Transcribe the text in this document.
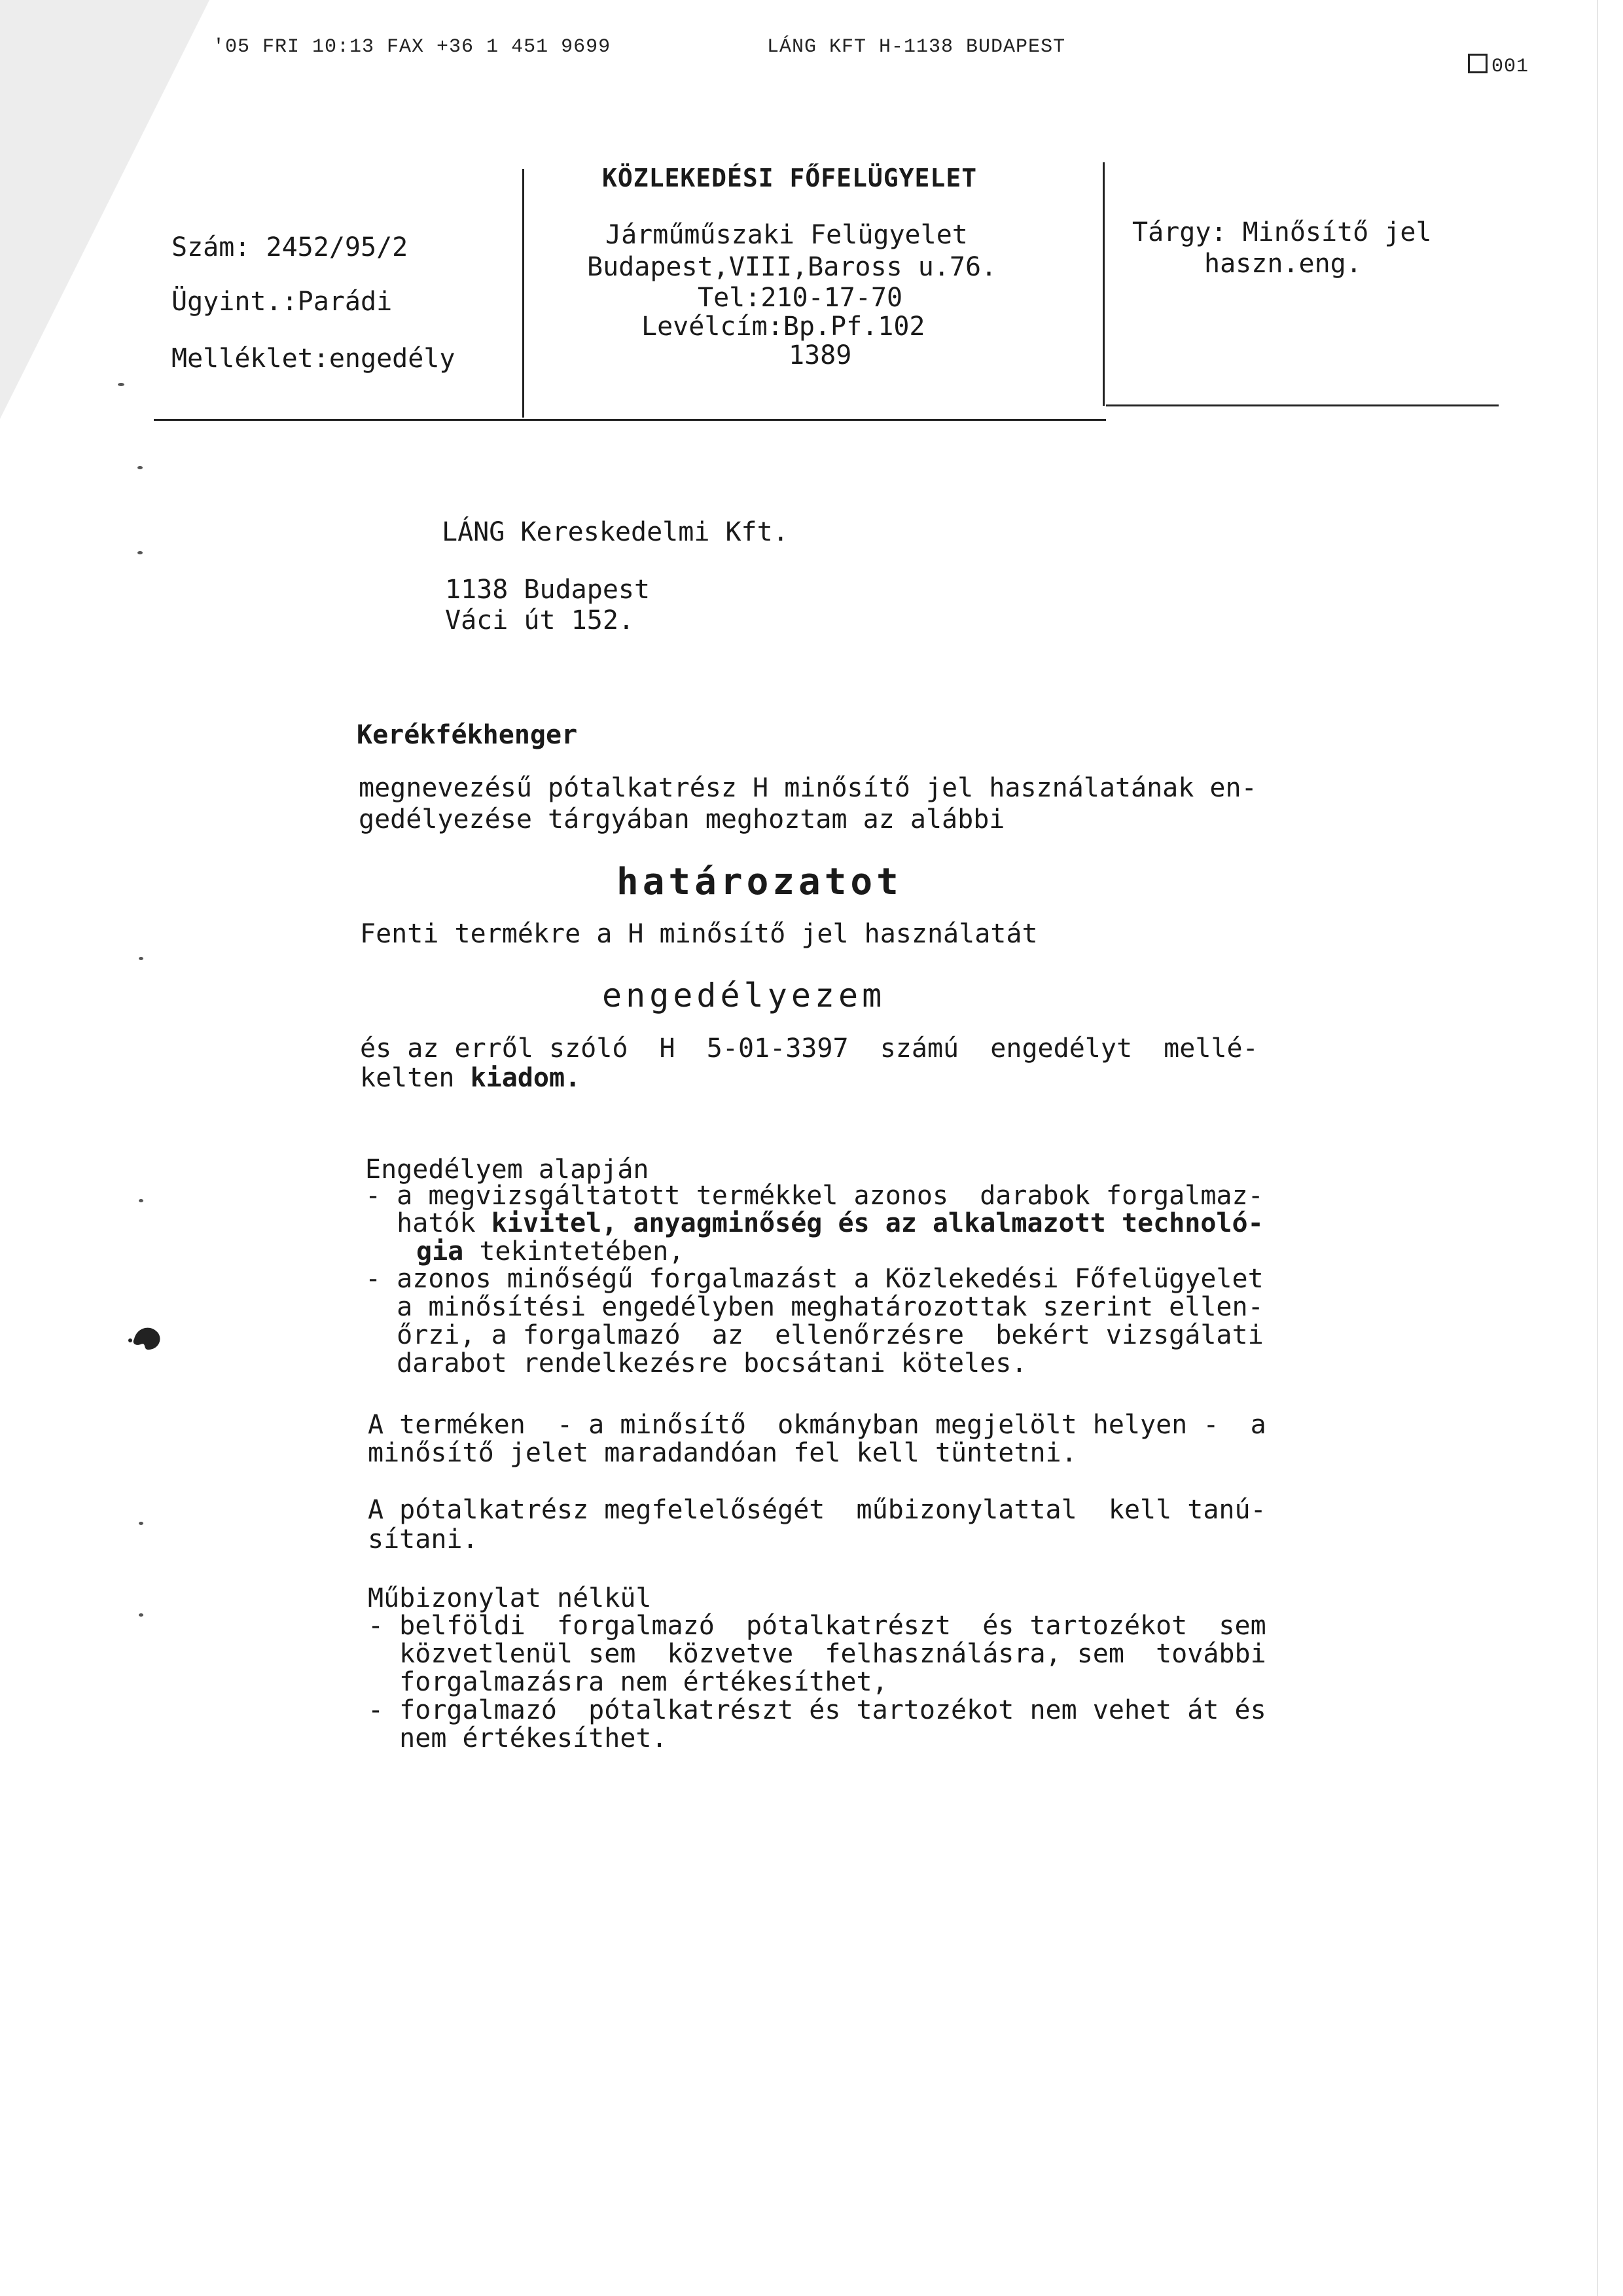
'05 FRI 10:13 FAX +36 1 451 9699	LÁNG KFT H-1138 BUDAPEST

001

Szám: 2452/95/2
Ügyint.:Parádi
Melléklet:engedély
KÖZLEKEDÉSI FŐFELÜGYELET
Járműműszaki Felügyelet
Budapest,VIII,Baross u.76.
Tel:210-17-70
Levélcím:Bp.Pf.102
1389
Tárgy: Minősítő jel
haszn.eng.
LÁNG Kereskedelmi Kft.
1138 Budapest
Váci út 152.
Kerékfékhenger
megnevezésű pótalkatrész H minősítő jel használatának en-
gedélyezése tárgyában meghoztam az alábbi
határozatot
Fenti termékre a H minősítő jel használatát
engedélyezem
és az erről szóló  H  5-01-3397  számú  engedélyt  mellé-
kelten kiadom.
Engedélyem alapján
- a megvizsgáltatott termékkel azonos  darabok forgalmaz-
hatók kivitel, anyagminőség és az alkalmazott technoló-
gia tekintetében,
- azonos minőségű forgalmazást a Közlekedési Főfelügyelet
a minősítési engedélyben meghatározottak szerint ellen-
őrzi, a forgalmazó  az  ellenőrzésre  bekért vizsgálati
darabot rendelkezésre bocsátani köteles.
A terméken  - a minősítő  okmányban megjelölt helyen -  a
minősítő jelet maradandóan fel kell tüntetni.
A pótalkatrész megfelelőségét  műbizonylattal  kell tanú-
sítani.
Műbizonylat nélkül
- belföldi  forgalmazó  pótalkatrészt  és tartozékot  sem
közvetlenül sem  közvetve  felhasználásra, sem  további
forgalmazásra nem értékesíthet,
- forgalmazó  pótalkatrészt és tartozékot nem vehet át és
nem értékesíthet.
